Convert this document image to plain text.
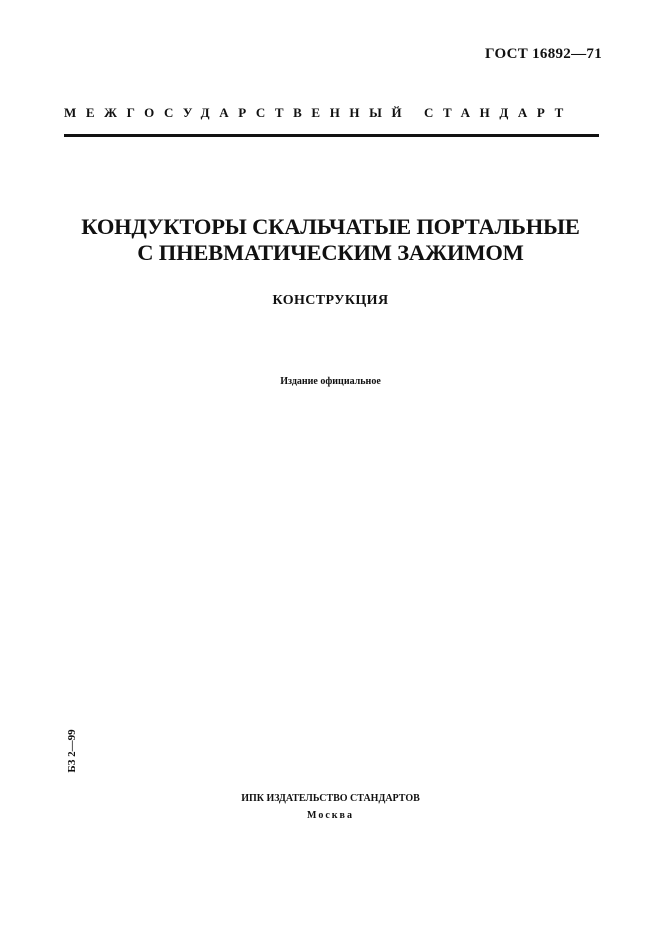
ГОСТ 16892—71
МЕЖГОСУДАРСТВЕННЫЙ СТАНДАРТ
КОНДУКТОРЫ СКАЛЬЧАТЫЕ ПОРТАЛЬНЫЕ
С ПНЕВМАТИЧЕСКИМ ЗАЖИМОМ
КОНСТРУКЦИЯ
Издание официальное
БЗ 2—99
ИПК ИЗДАТЕЛЬСТВО СТАНДАРТОВ
Москва
